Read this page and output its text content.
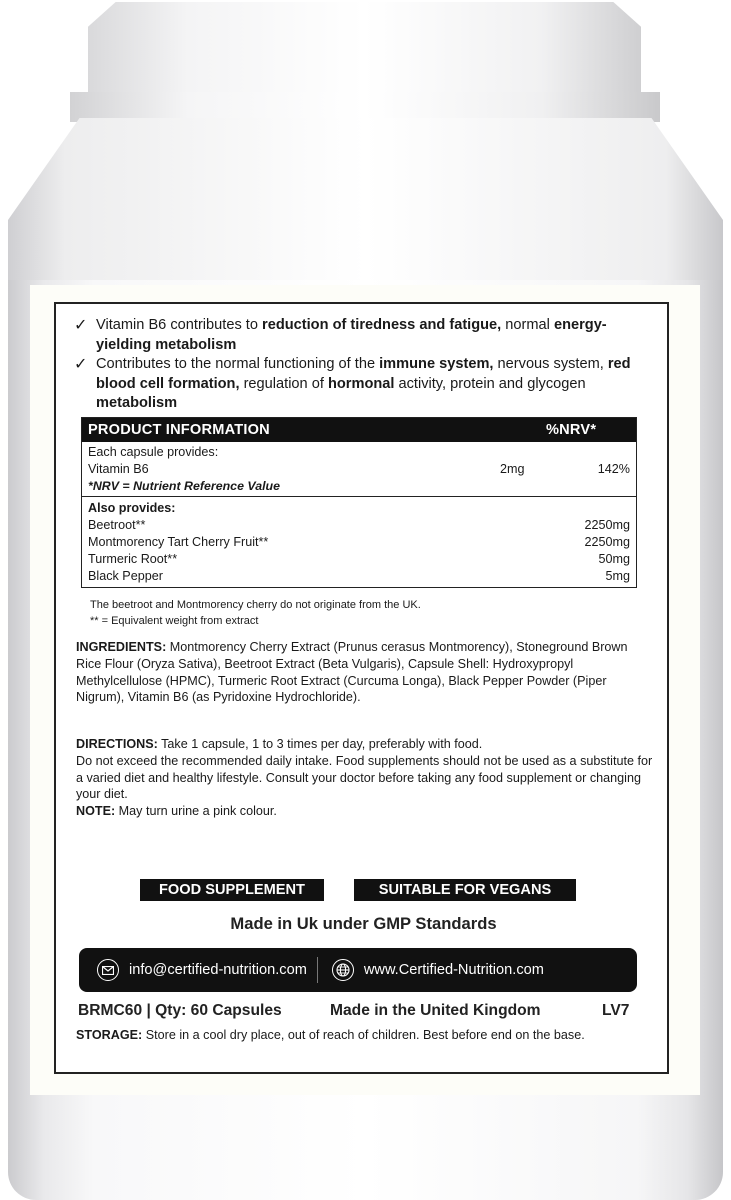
✓ Vitamin B6 contributes to reduction of tiredness and fatigue, normal energy-yielding metabolism
✓ Contributes to the normal functioning of the immune system, nervous system, red blood cell formation, regulation of hormonal activity, protein and glycogen metabolism
PRODUCT INFORMATION	%NRV*
Each capsule provides:
Vitamin B6	2mg	142%
*NRV = Nutrient Reference Value
Also provides:
Beetroot**	2250mg
Montmorency Tart Cherry Fruit**	2250mg
Turmeric Root**	50mg
Black Pepper	5mg
The beetroot and Montmorency cherry do not originate from the UK.
** = Equivalent weight from extract
INGREDIENTS: Montmorency Cherry Extract (Prunus cerasus Montmorency), Stoneground Brown Rice Flour (Oryza Sativa), Beetroot Extract (Beta Vulgaris), Capsule Shell: Hydroxypropyl Methylcellulose (HPMC), Turmeric Root Extract (Curcuma Longa), Black Pepper Powder (Piper Nigrum), Vitamin B6 (as Pyridoxine Hydrochloride).
DIRECTIONS: Take 1 capsule, 1 to 3 times per day, preferably with food.
Do not exceed the recommended daily intake. Food supplements should not be used as a substitute for a varied diet and healthy lifestyle. Consult your doctor before taking any food supplement or changing your diet.
NOTE: May turn urine a pink colour.
FOOD SUPPLEMENT	SUITABLE FOR VEGANS
Made in Uk under GMP Standards
info@certified-nutrition.com	www.Certified-Nutrition.com
BRMC60 | Qty: 60 Capsules	Made in the United Kingdom	LV7
STORAGE: Store in a cool dry place, out of reach of children. Best before end on the base.
